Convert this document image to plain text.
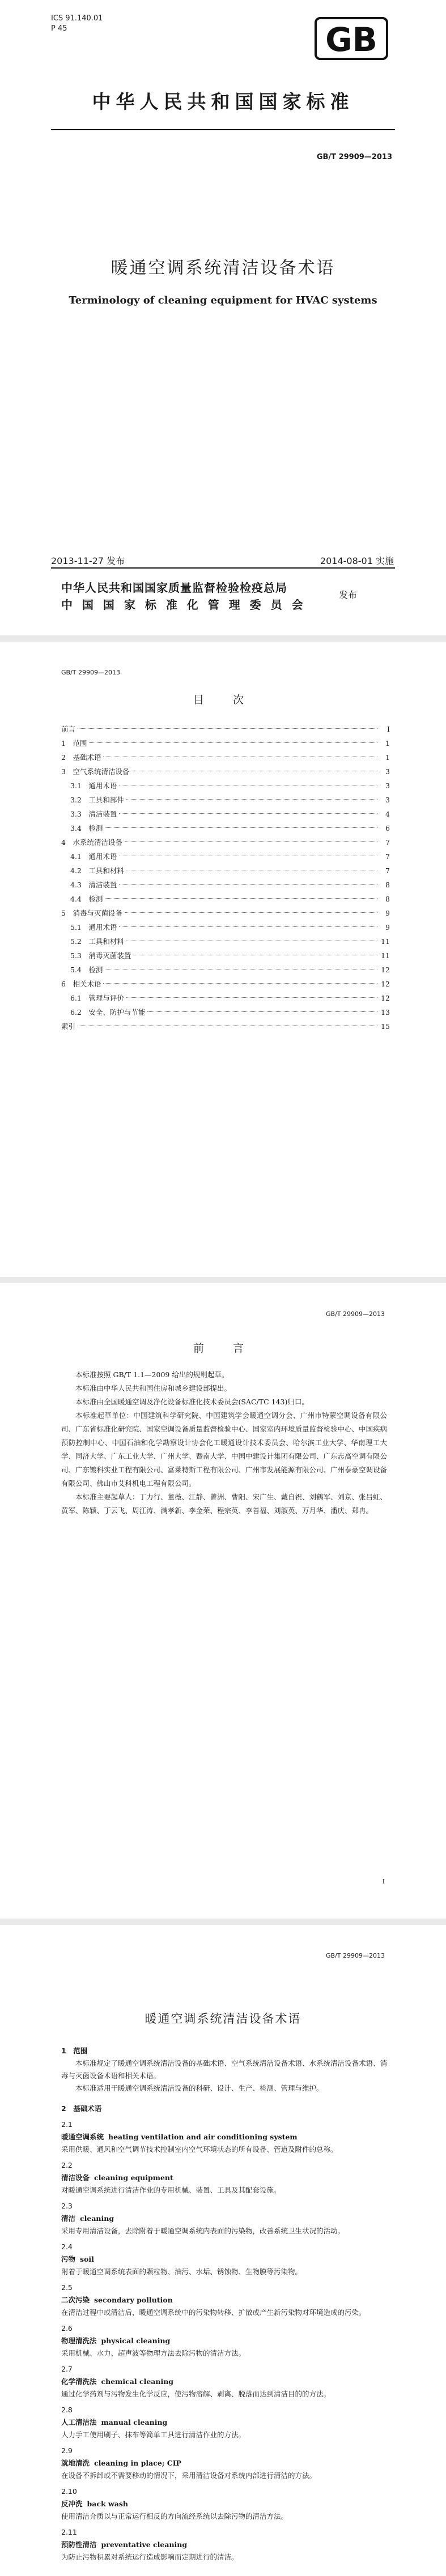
ICS 91.140.01
P 45	GB
中华人民共和国国家标准
GB/T 29909—2013
暖通空调系统清洁设备术语
Terminology of cleaning equipment for HVAC systems
2013-11-27 发布	2014-08-01 实施
中华人民共和国国家质量监督检验检疫总局
中 国 国 家 标 准 化 管 理 委 员 会
发布
GB/T 29909—2013
目　次
前言	Ⅰ
1　范围	1
2　基础术语	1
3　空气系统清洁设备	3
3.1　通用术语	3
3.2　工具和部件	3
3.3　清洁装置	4
3.4　检测	6
4　水系统清洁设备	7
4.1　通用术语	7
4.2　工具和材料	7
4.3　清洁装置	8
4.4　检测	8
5　消毒与灭菌设备	9
5.1　通用术语	9
5.2　工具和材料	11
5.3　消毒灭菌装置	11
5.4　检测	12
6　相关术语	12
6.1　管理与评价	12
6.2　安全、防护与节能	13
索引	15
GB/T 29909—2013
前　言

本标准按照 GB/T 1.1—2009 给出的规则起草。

本标准由中华人民共和国住房和城乡建设部提出。

本标准由全国暖通空调及净化设备标准化技术委员会(SAC/TC 143)归口。

本标准起草单位：中国建筑科学研究院、中国建筑学会暖通空调分会、广州市特蒙空调设备有限公司、广东省标准化研究院、国家空调设备质量监督检验中心、国家室内环境质量监督检验中心、中国疾病预防控制中心、中国石油和化学勘察设计协会化工暖通设计技术委员会、哈尔滨工业大学、华南理工大学、同济大学、广东工业大学、广州大学、暨南大学、中国中建设计集团有限公司、广东志高空调有限公司、广东镀科实业工程有限公司、富莱特斯工程有限公司、广州市发展能源有限公司、广州泰豪空调设备有限公司、佛山市艾科机电工程有限公司。

本标准主要起草人：丁力行、董薇、江静、曾洲、曹阳、宋广生、戴自祝、刘鹤军、刘京、张吕虹、黄军、陈颖、丁云飞、周江涛、满孝新、李金荣、程宗英、李善福、刘淑英、万月华、潘庆、郑冉。

Ⅰ
GB/T 29909—2013
暖通空调系统清洁设备术语
1　范围
本标准规定了暖通空调系统清洁设备的基础术语、空气系统清洁设备术语、水系统清洁设备术语、消毒与灭菌设备术语和相关术语。
本标准适用于暖通空调系统清洁设备的科研、设计、生产、检测、管理与维护。
2　基础术语
2.1
暖通空调系统 heating ventilation and air conditioning system
采用供暖、通风和空气调节技术控制室内空气环境状态的所有设备、管道及附件的总称。
2.2
清洁设备 cleaning equipment
对暖通空调系统进行清洁作业的专用机械、装置、工具及其配套设施。
2.3
清洁 cleaning
采用专用清洁设备，去除附着于暖通空调系统内表面的污染物，改善系统卫生状况的活动。
2.4
污物 soil
附着于暖通空调系统表面的颗粒物、油污、水垢、锈蚀物、生物膜等污染物。
2.5
二次污染 secondary pollution
在清洁过程中或清洁后，暖通空调系统中的污染物转移、扩散或产生新污染物对环境造成的污染。
2.6
物理清洗法 physical cleaning
采用机械、水力、超声波等物理方法去除污物的清洁方法。
2.7
化学清洗法 chemical cleaning
通过化学药剂与污物发生化学反应，使污物溶解、剥离、脱落而达到清洁目的的方法。
2.8
人工清洁法 manual cleaning
人力手工使用刷子、抹布等简单工具进行清洁作业的方法。
2.9
就地清洗 cleaning in place; CIP
在设备不拆卸或不需要移动的情况下，采用清洁设备对系统内部进行清洁的方法。
2.10
反冲洗 back wash
使用清洁介质以与正常运行相反的方向流经系统以去除污物的清洁方法。
2.11
预防性清洁 preventative cleaning
为防止污物积累对系统运行造成影响而定期进行的清洁。
